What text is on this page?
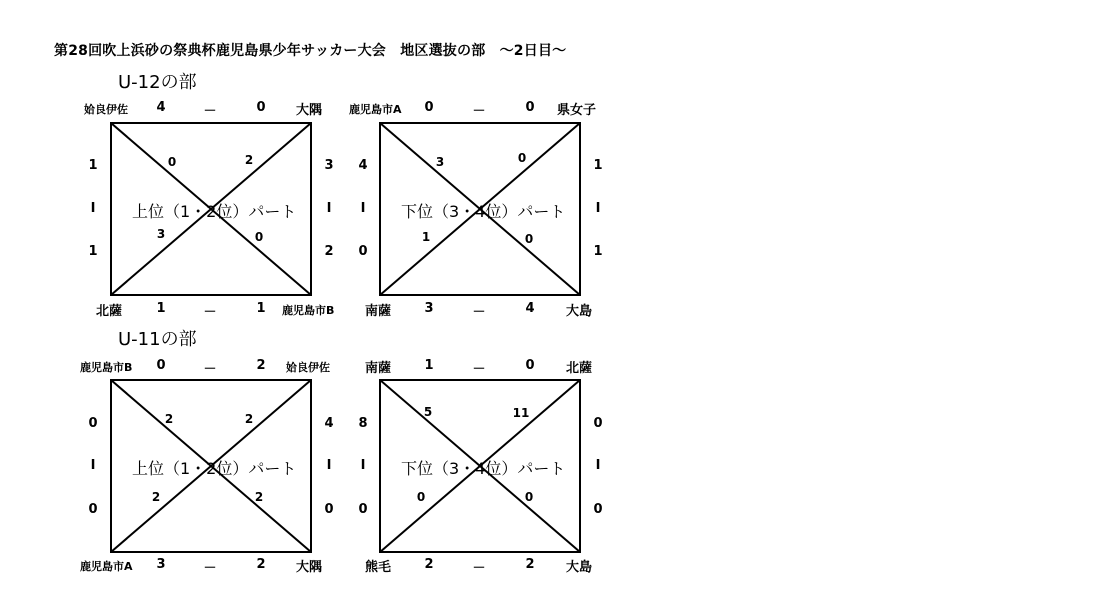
第28回吹上浜砂の祭典杯鹿児島県少年サッカー大会　地区選抜の部　～2日目～
U-12の部
姶良伊佐	4	－	0	大隅
上位（1・2位）パート
0	2
3	0
1
I
1
3
I
2
北薩	1	－	1	鹿児島市B
鹿児島市A	0	－	0	県女子
下位（3・4位）パート
3	0
1	0
4
I
0
1
I
1
南薩	3	－	4	大島
U-11の部
鹿児島市B	0	－	2	姶良伊佐
上位（1・2位）パート
2	2
2	2
0
I
0
4
I
0
鹿児島市A	3	－	2	大隅
南薩	1	－	0	北薩
下位（3・4位）パート
5	11
0	0
8
I
0
0
I
0
熊毛	2	－	2	大島
